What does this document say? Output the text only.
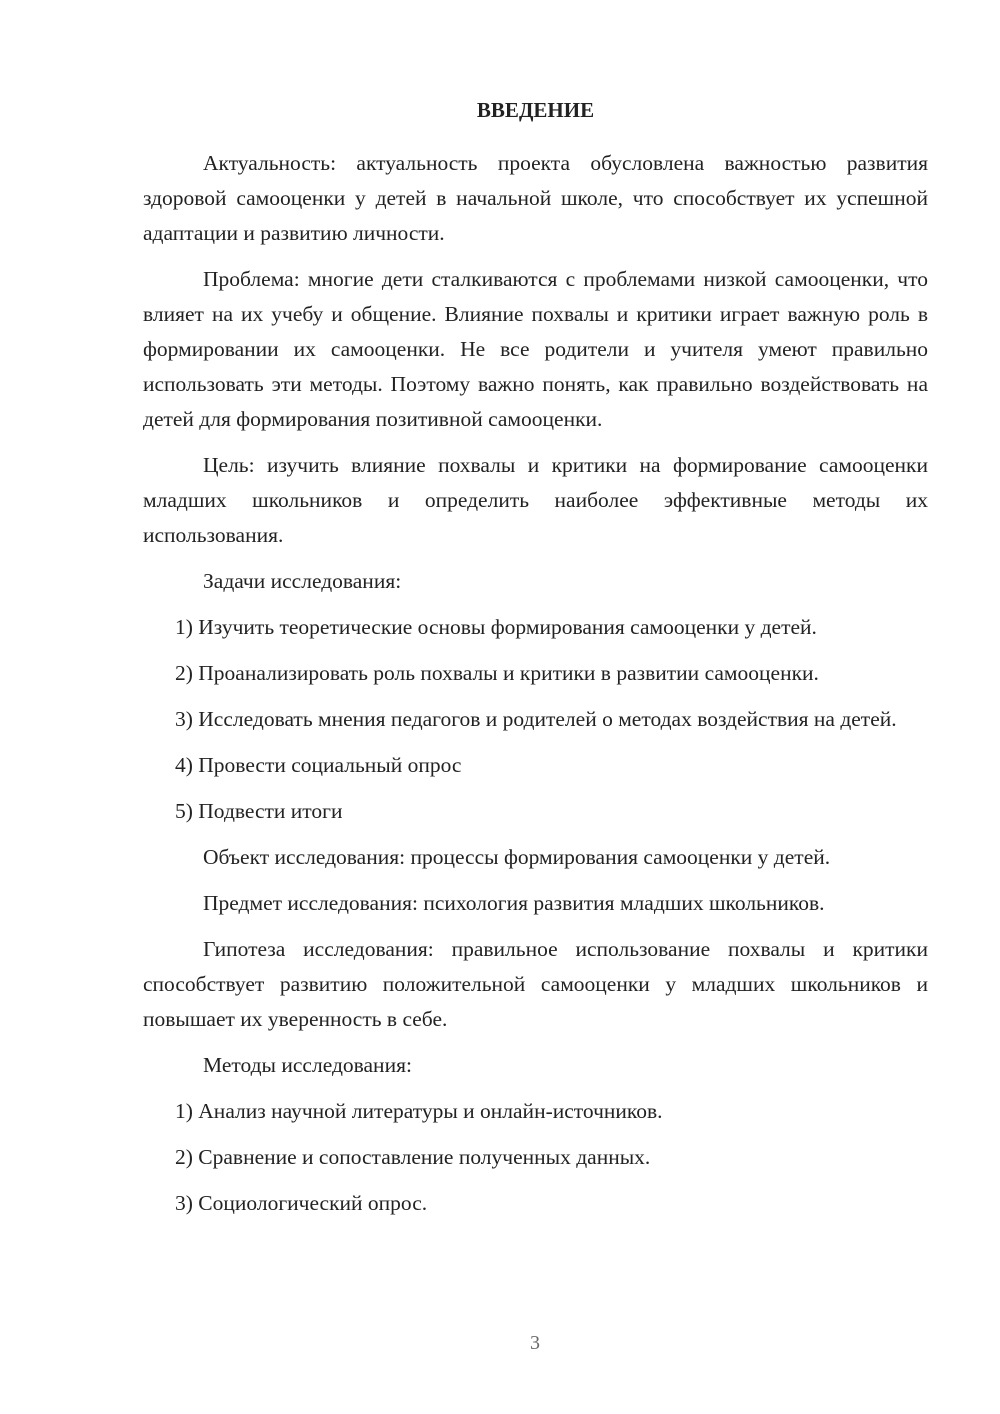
ВВЕДЕНИЕ

Актуальность: актуальность проекта обусловлена важностью развития здоровой самооценки у детей в начальной школе, что способствует их успешной адаптации и развитию личности.

Проблема: многие дети сталкиваются с проблемами низкой самооценки, что влияет на их учебу и общение. Влияние похвалы и критики играет важную роль в формировании их самооценки. Не все родители и учителя умеют правильно использовать эти методы. Поэтому важно понять, как правильно воздействовать на детей для формирования позитивной самооценки.

Цель: изучить влияние похвалы и критики на формирование самооценки младших школьников и определить наиболее эффективные методы их использования.

Задачи исследования:

1) Изучить теоретические основы формирования самооценки у детей.

2) Проанализировать роль похвалы и критики в развитии самооценки.

3) Исследовать мнения педагогов и родителей о методах воздействия на детей.

4) Провести социальный опрос

5) Подвести итоги

Объект исследования: процессы формирования самооценки у детей.

Предмет исследования: психология развития младших школьников.

Гипотеза исследования: правильное использование похвалы и критики способствует развитию положительной самооценки у младших школьников и повышает их уверенность в себе.

Методы исследования:

1) Анализ научной литературы и онлайн-источников.

2) Сравнение и сопоставление полученных данных.

3) Социологический опрос.

3
